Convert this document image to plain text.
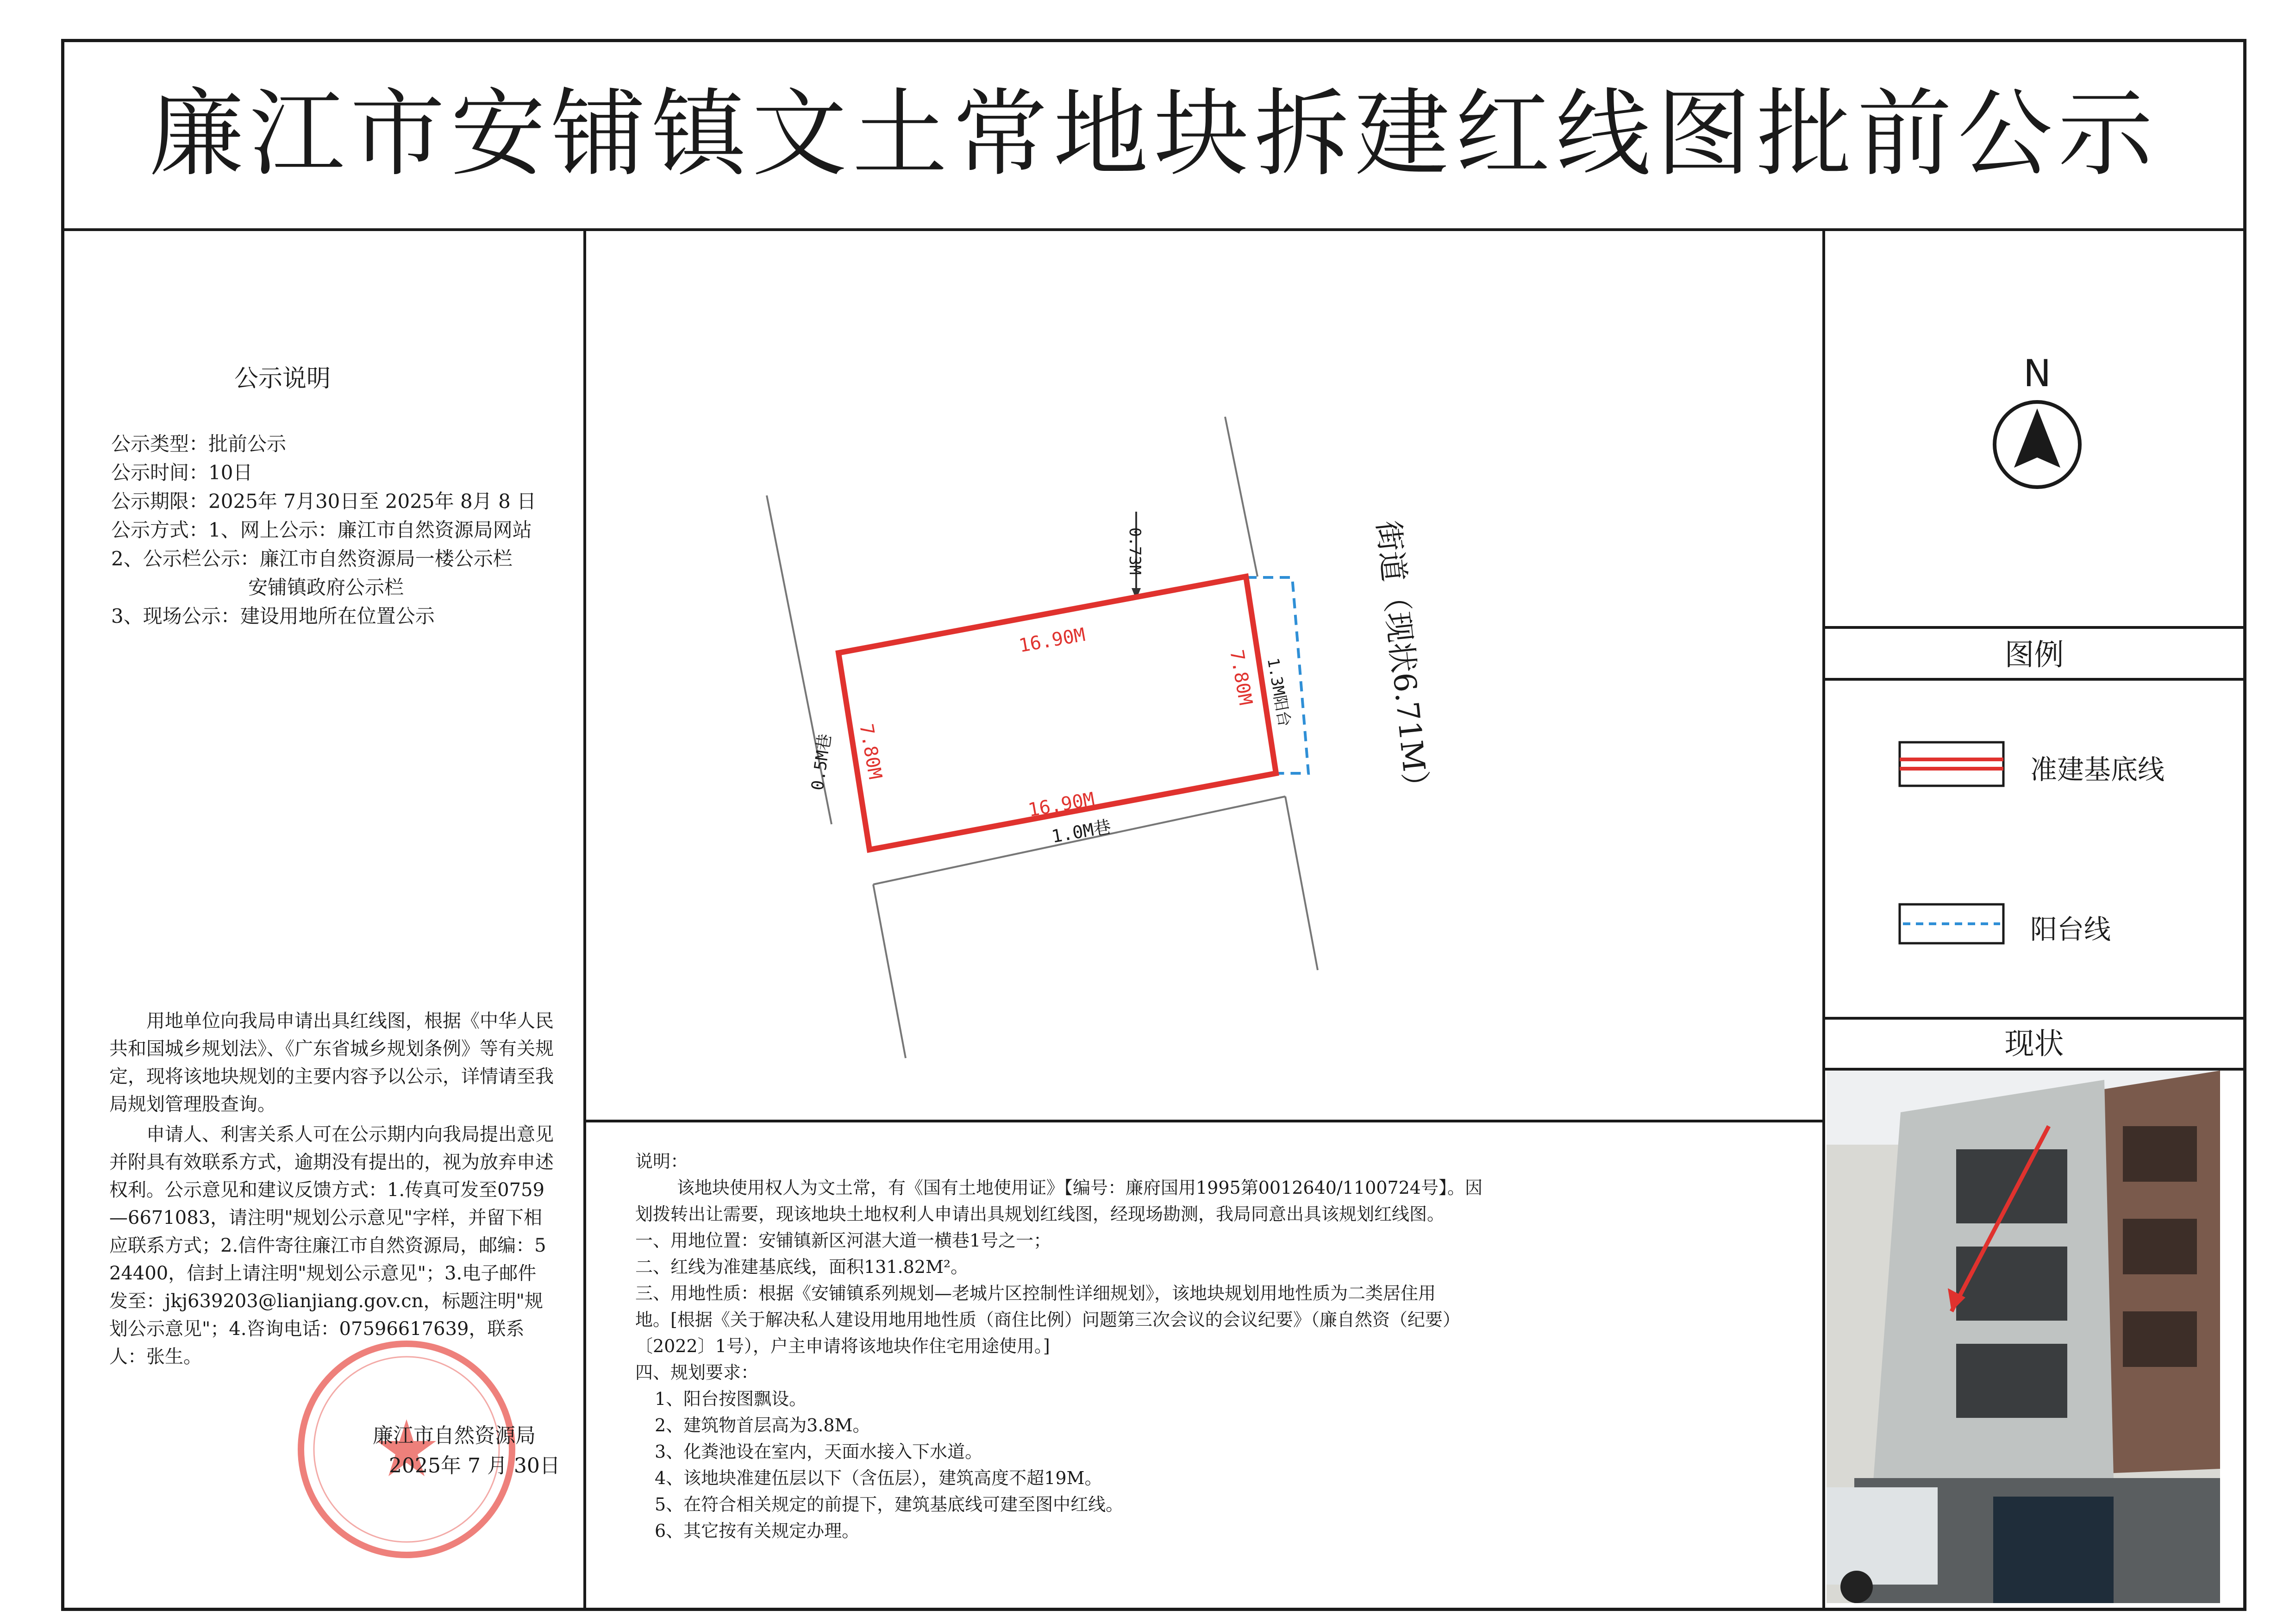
廉江市安铺镇文土常地块拆建红线图批前公示
公示说明
公示类型：批前公示
公示时间：10日
公示期限：2025年 7月30日至 2025年 8月 8 日
公示方式：1、网上公示：廉江市自然资源局网站
2、公示栏公示：廉江市自然资源局一楼公示栏
安铺镇政府公示栏
3、现场公示：建设用地所在位置公示
用地单位向我局申请出具红线图，根据《中华人民共和国城乡规划法》、《广东省城乡规划条例》等有关规定，现将该地块规划的主要内容予以公示，详情请至我局规划管理股查询。
申请人、利害关系人可在公示期内向我局提出意见并附具有效联系方式，逾期没有提出的，视为放弃申述权利。公示意见和建议反馈方式：1.传真可发至0759—6671083，请注明"规划公示意见"字样，并留下相应联系方式；2.信件寄往廉江市自然资源局，邮编：524400，信封上请注明"规划公示意见"；3.电子邮件发至：jkj639203@lianjiang.gov.cn，标题注明"规划公示意见"；4.咨询电话：07596617639，联系人：张生。
廉江市自然资源局
2025年 7 月 30日
16.90M
16.90M
7.80M
7.80M
0.73M
0.5M巷
1.0M巷
1.3M阳台 街道（现状6.71M）
说明：
该地块使用权人为文土常，有《国有土地使用证》【编号：廉府国用1995第0012640/1100724号】。因
划拨转出让需要，现该地块土地权利人申请出具规划红线图，经现场勘测，我局同意出具该规划红线图。
一、用地位置：安铺镇新区河湛大道一横巷1号之一；
二、红线为准建基底线，面积131.82M²。
三、用地性质：根据《安铺镇系列规划—老城片区控制性详细规划》，该地块规划用地性质为二类居住用
地。[根据《关于解决私人建设用地用地性质（商住比例）问题第三次会议的会议纪要》（廉自然资（纪要）
〔2022〕1号），户主申请将该地块作住宅用途使用。]
四、规划要求：
1、阳台按图飘设。
2、建筑物首层高为3.8M。
3、化粪池设在室内，天面水接入下水道。
4、该地块准建伍层以下（含伍层），建筑高度不超19M。
5、在符合相关规定的前提下，建筑基底线可建至图中红线。
6、其它按有关规定办理。
N
图例
准建基底线
阳台线
现状
